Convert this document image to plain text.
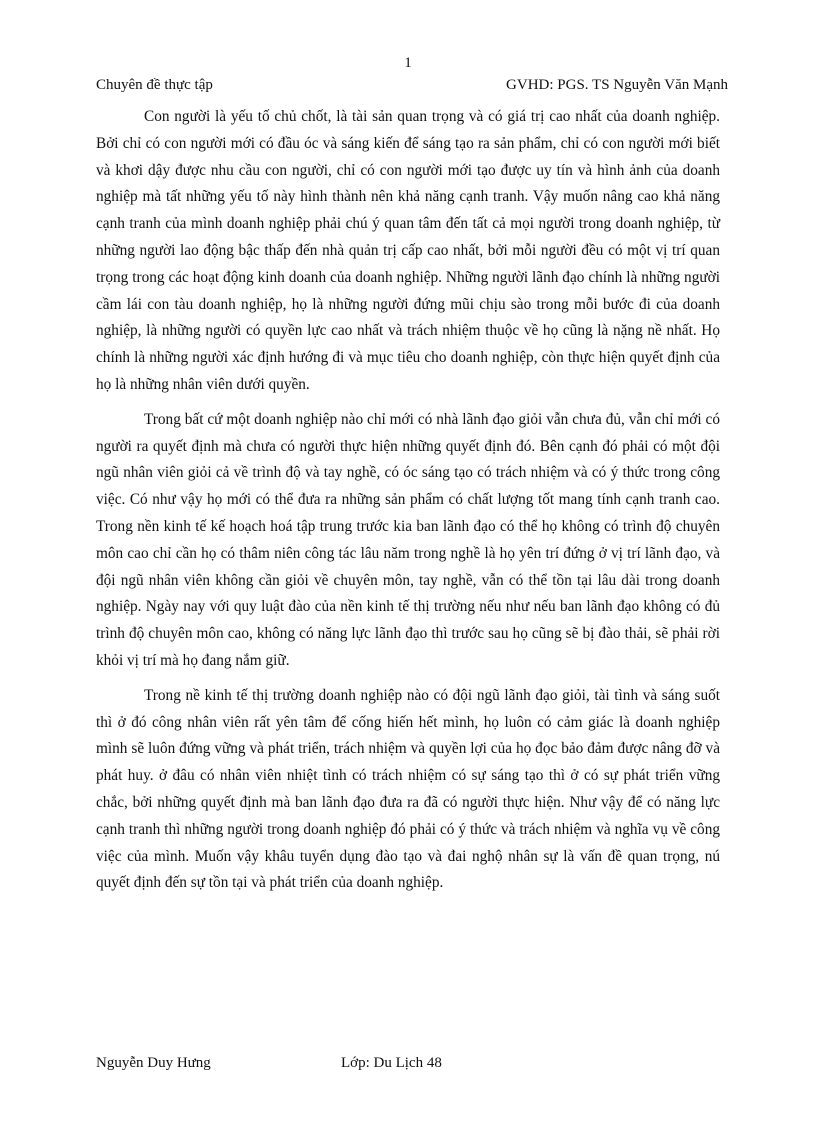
1
Chuyên đề thực tập	GVHD: PGS. TS Nguyễn Văn Mạnh

Con người là yếu tố chủ chốt, là tài sản quan trọng và có giá trị cao nhất của doanh nghiệp. Bởi chỉ có con người mới có đầu óc và sáng kiến để sáng tạo ra sản phẩm, chỉ có con người mới biết và khơi dậy được nhu cầu con người, chỉ có con người mới tạo được uy tín và hình ảnh của doanh nghiệp mà tất những yếu tố này hình thành nên khả năng cạnh tranh. Vậy muốn nâng cao khả năng cạnh tranh của mình doanh nghiệp phải chú ý quan tâm đến tất cả mọi người trong doanh nghiệp, từ những người lao động bậc thấp đến nhà quản trị cấp cao nhất, bởi mỗi người đều có một vị trí quan trọng trong các hoạt động kinh doanh của doanh nghiệp. Những người lãnh đạo chính là những người cầm lái con tàu doanh nghiệp, họ là những người đứng mũi chịu sào trong mỗi bước đi của doanh nghiệp, là những người có quyền lực cao nhất và trách nhiệm thuộc về họ cũng là nặng nề nhất. Họ chính là những người xác định hướng đi và mục tiêu cho doanh nghiệp, còn thực hiện quyết định của họ là những nhân viên dưới quyền.

Trong bất cứ một doanh nghiệp nào chỉ mới có nhà lãnh đạo giỏi vẫn chưa đủ, vẫn chỉ mới có người ra quyết định mà chưa có người thực hiện những quyết định đó. Bên cạnh đó phải có một đội ngũ nhân viên giỏi cả về trình độ và tay nghề, có óc sáng tạo có trách nhiệm và có ý thức trong công việc. Có như vậy họ mới có thể đưa ra những sản phẩm có chất lượng tốt mang tính cạnh tranh cao. Trong nền kinh tế kế hoạch hoá tập trung trước kia ban lãnh đạo có thể họ không có trình độ chuyên môn cao chỉ cần họ có thâm niên công tác lâu năm trong nghề là họ yên trí đứng ở vị trí lãnh đạo, và đội ngũ nhân viên không cần giỏi về chuyên môn, tay nghề, vẫn có thể tồn tại lâu dài trong doanh nghiệp. Ngày nay với quy luật đào của nền kinh tế thị trường nếu như nếu ban lãnh đạo không có đủ trình độ chuyên môn cao, không có năng lực lãnh đạo thì trước sau họ cũng sẽ bị đào thải, sẽ phải rời khỏi vị trí mà họ đang nắm giữ.

Trong nề kinh tế thị trường doanh nghiệp nào có đội ngũ lãnh đạo giỏi, tài tình và sáng suốt thì ở đó công nhân viên rất yên tâm để cống hiến hết mình, họ luôn có cảm giác là doanh nghiệp mình sẽ luôn đứng vững và phát triển, trách nhiệm và quyền lợi của họ đọc bảo đảm được nâng đỡ và phát huy. ở đâu có nhân viên nhiệt tình có trách nhiệm có sự sáng tạo thì ở có sự phát triển vững chắc, bởi những quyết định mà ban lãnh đạo đưa ra đã có người thực hiện. Như vậy để có năng lực cạnh tranh thì những người trong doanh nghiệp đó phải có ý thức và trách nhiệm và nghĩa vụ về công việc của mình. Muốn vậy khâu tuyển dụng đào tạo và đai nghộ nhân sự là vấn đề quan trọng, nú quyết định đến sự tồn tại và phát triển của doanh nghiệp.

Nguyễn Duy Hưng	Lớp: Du Lịch 48
